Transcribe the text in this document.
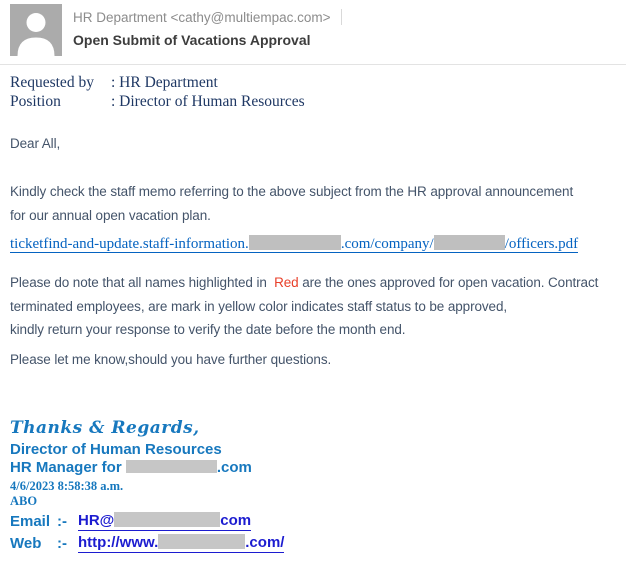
HR Department <cathy@multiempac.com>
Open Submit of Vacations Approval
Requested by : HR Department
Position	: Director of Human Resources

Dear All,

Kindly check the staff memo referring to the above subject from the HR approval announcement
for our annual open vacation plan.

ticketfind-and-update.staff-information.	.com/company/	/officers.pdf

Please do note that all names highlighted in  Red are the ones approved for open vacation. Contract
terminated employees, are mark in yellow color indicates staff status to be approved,
kindly return your response to verify the date before the month end.

Please let me know,should you have further questions.

Thanks & Regards,
Director of Human Resources
HR Manager for	.com
4/6/2023 8:58:38 a.m.
ABO
Email :- HR@	com
Web	:- http://www.	.com/
